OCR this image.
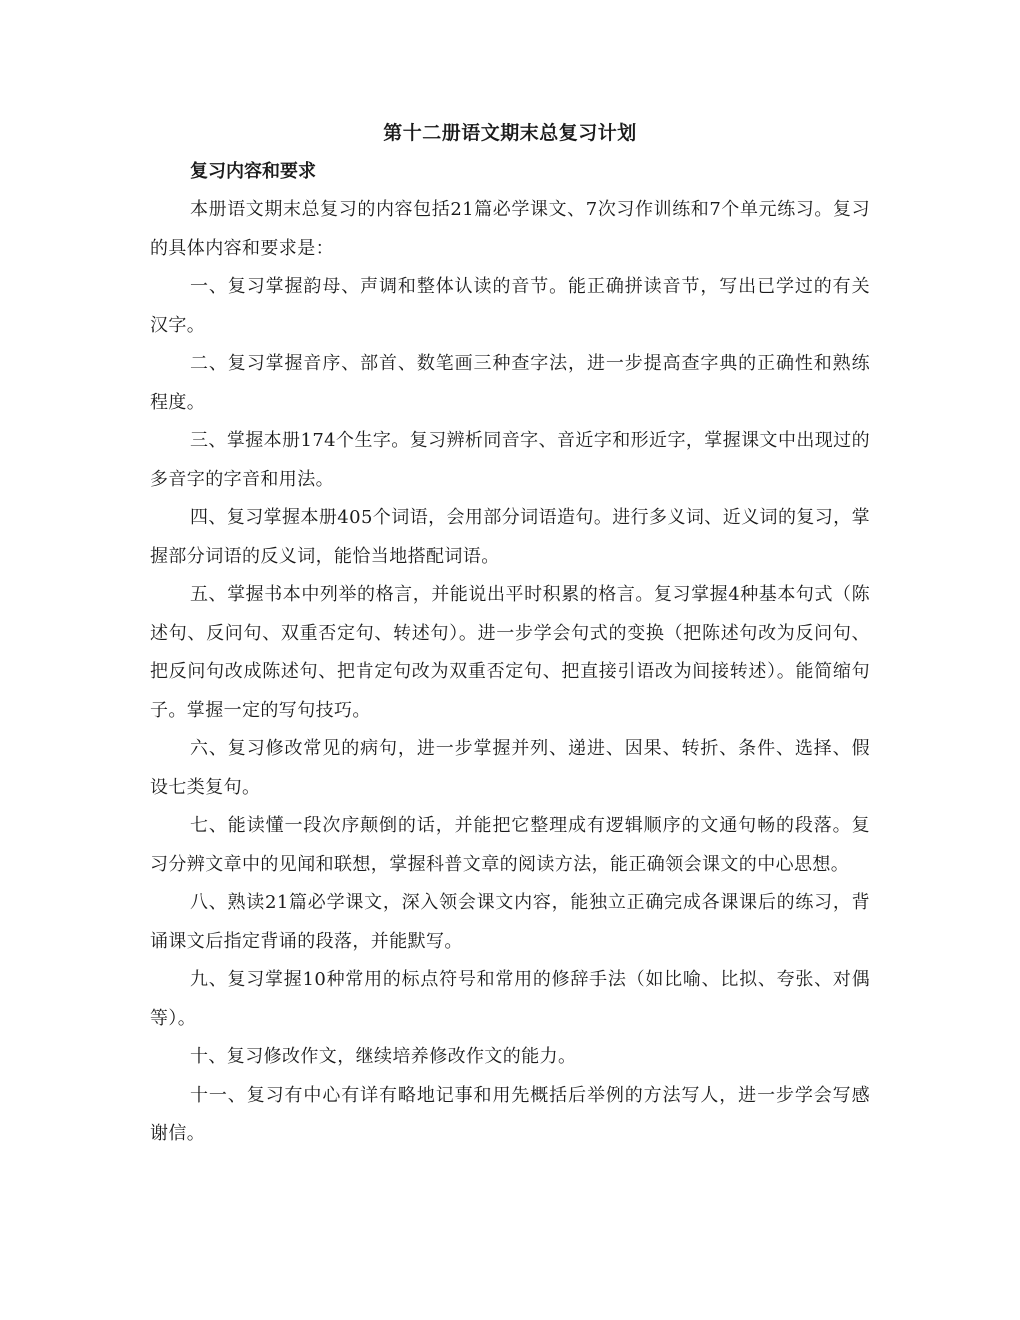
第十二册语文期末总复习计划
复习内容和要求

本册语文期末总复习的内容包括21篇必学课文、7次习作训练和7个单元练习。复习的具体内容和要求是：

一、复习掌握韵母、声调和整体认读的音节。能正确拼读音节，写出已学过的有关汉字。

二、复习掌握音序、部首、数笔画三种查字法，进一步提高查字典的正确性和熟练程度。

三、掌握本册174个生字。复习辨析同音字、音近字和形近字，掌握课文中出现过的多音字的字音和用法。

四、复习掌握本册405个词语，会用部分词语造句。进行多义词、近义词的复习，掌握部分词语的反义词，能恰当地搭配词语。

五、掌握书本中列举的格言，并能说出平时积累的格言。复习掌握4种基本句式（陈述句、反问句、双重否定句、转述句）。进一步学会句式的变换（把陈述句改为反问句、把反问句改成陈述句、把肯定句改为双重否定句、把直接引语改为间接转述）。能简缩句子。掌握一定的写句技巧。

六、复习修改常见的病句，进一步掌握并列、递进、因果、转折、条件、选择、假设七类复句。

七、能读懂一段次序颠倒的话，并能把它整理成有逻辑顺序的文通句畅的段落。复习分辨文章中的见闻和联想，掌握科普文章的阅读方法，能正确领会课文的中心思想。

八、熟读21篇必学课文，深入领会课文内容，能独立正确完成各课课后的练习，背诵课文后指定背诵的段落，并能默写。

九、复习掌握10种常用的标点符号和常用的修辞手法（如比喻、比拟、夸张、对偶等）。

十、复习修改作文，继续培养修改作文的能力。

十一、复习有中心有详有略地记事和用先概括后举例的方法写人，进一步学会写感谢信。
